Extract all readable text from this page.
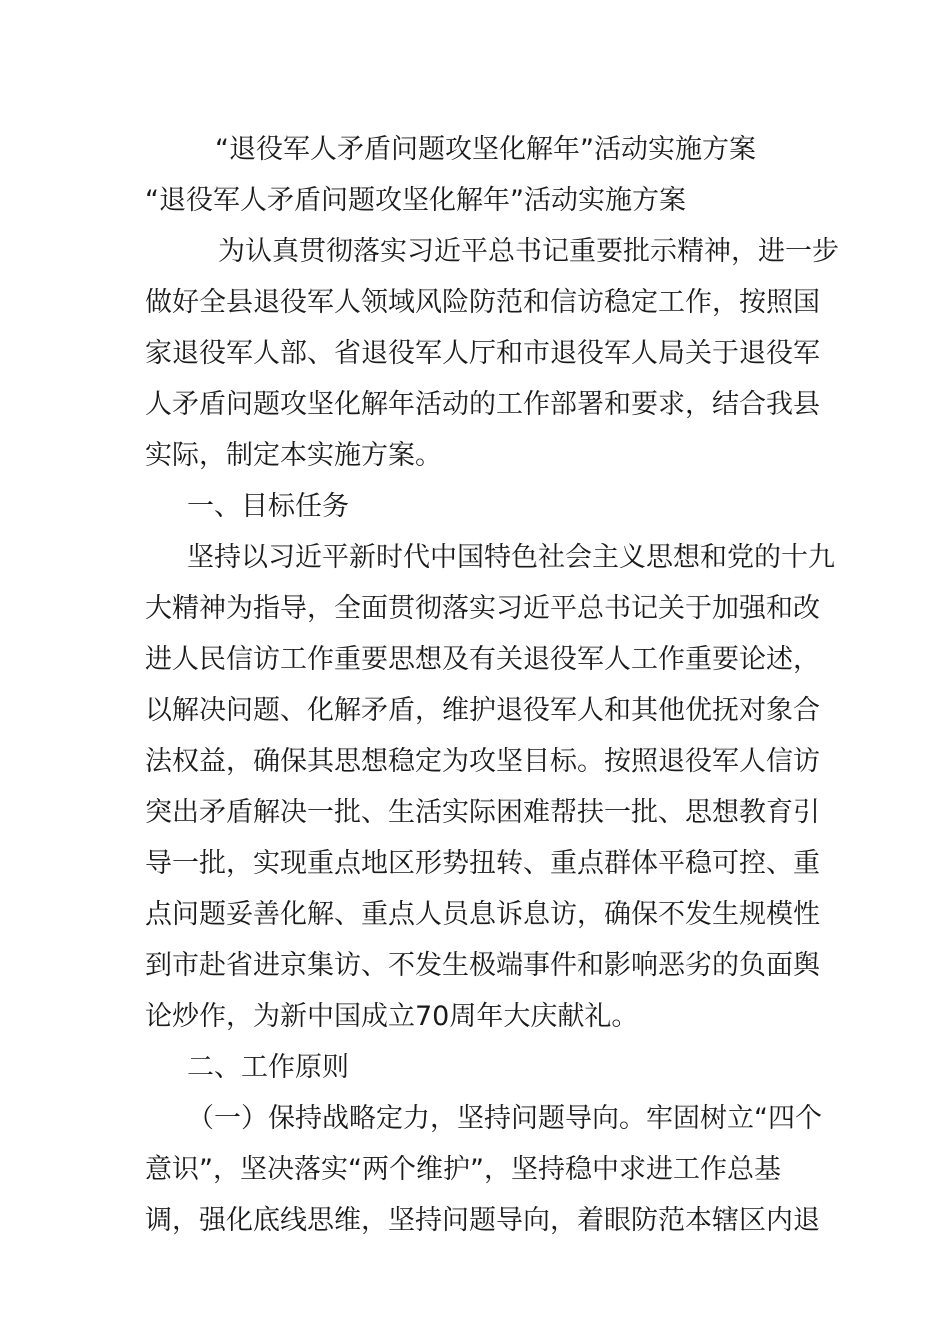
“退役军人矛盾问题攻坚化解年”活动实施方案
“退役军人矛盾问题攻坚化解年”活动实施方案
为认真贯彻落实习近平总书记重要批示精神，进一步
做好全县退役军人领域风险防范和信访稳定工作，按照国
家退役军人部、省退役军人厅和市退役军人局关于退役军
人矛盾问题攻坚化解年活动的工作部署和要求，结合我县
实际，制定本实施方案。
一、目标任务
坚持以习近平新时代中国特色社会主义思想和党的十九
大精神为指导，全面贯彻落实习近平总书记关于加强和改
进人民信访工作重要思想及有关退役军人工作重要论述，
以解决问题、化解矛盾，维护退役军人和其他优抚对象合
法权益，确保其思想稳定为攻坚目标。按照退役军人信访
突出矛盾解决一批、生活实际困难帮扶一批、思想教育引
导一批，实现重点地区形势扭转、重点群体平稳可控、重
点问题妥善化解、重点人员息诉息访，确保不发生规模性
到市赴省进京集访、不发生极端事件和影响恶劣的负面舆
论炒作，为新中国成立70周年大庆献礼。
二、工作原则
（一）保持战略定力，坚持问题导向。牢固树立“四个
意识”，坚决落实“两个维护”，坚持稳中求进工作总基
调，强化底线思维，坚持问题导向，着眼防范本辖区内退
